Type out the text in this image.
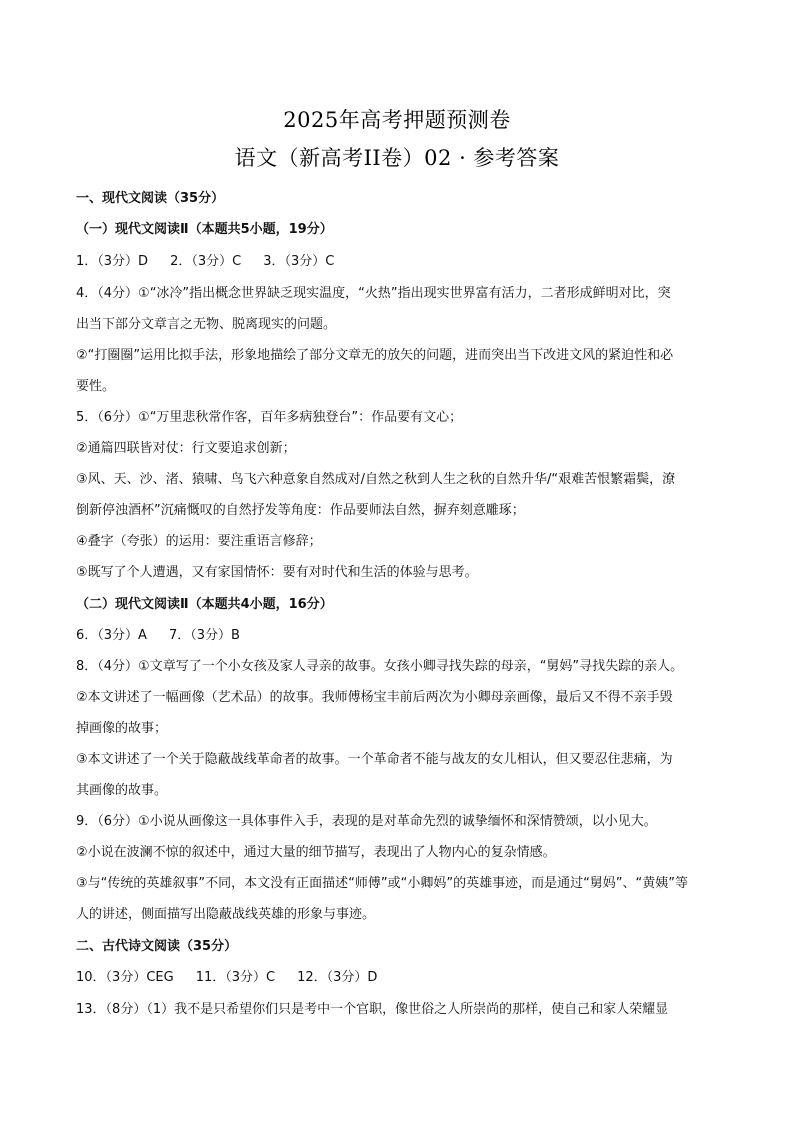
2025年高考押题预测卷
语文（新高考II卷）02 · 参考答案
一、现代文阅读（35分）
（一）现代文阅读Ⅱ（本题共5小题，19分）
1．（3分）D 2．（3分）C 3．（3分）C
4．（4分）①“冰冷”指出概念世界缺乏现实温度，“火热”指出现实世界富有活力，二者形成鲜明对比，突
出当下部分文章言之无物、脱离现实的问题。
②“打圈圈”运用比拟手法，形象地描绘了部分文章无的放矢的问题，进而突出当下改进文风的紧迫性和必
要性。
5．（6分）①“万里悲秋常作客，百年多病独登台”：作品要有文心；
②通篇四联皆对仗：行文要追求创新；
③风、天、沙、渚、猿啸、鸟飞六种意象自然成对/自然之秋到人生之秋的自然升华/“艰难苦恨繁霜鬓，潦
倒新停浊酒杯”沉痛慨叹的自然抒发等角度：作品要师法自然，摒弃刻意雕琢；
④叠字（夸张）的运用：要注重语言修辞；
⑤既写了个人遭遇，又有家国情怀：要有对时代和生活的体验与思考。
（二）现代文阅读Ⅱ（本题共4小题，16分）
6．（3分）A 7．（3分）B
8．（4分）①文章写了一个小女孩及家人寻亲的故事。女孩小卿寻找失踪的母亲，“舅妈”寻找失踪的亲人。
②本文讲述了一幅画像（艺术品）的故事。我师傅杨宝丰前后两次为小卿母亲画像，最后又不得不亲手毁
掉画像的故事；
③本文讲述了一个关于隐蔽战线革命者的故事。一个革命者不能与战友的女儿相认，但又要忍住悲痛，为
其画像的故事。
9．（6分）①小说从画像这一具体事件入手，表现的是对革命先烈的诚挚缅怀和深情赞颂，以小见大。
②小说在波澜不惊的叙述中，通过大量的细节描写，表现出了人物内心的复杂情感。
③与“传统的英雄叙事”不同，本文没有正面描述“师傅”或“小卿妈”的英雄事迹，而是通过“舅妈”、“黄姨”等
人的讲述，侧面描写出隐蔽战线英雄的形象与事迹。
二、古代诗文阅读（35分）
10．（3分）CEG 11．（3分）C 12．（3分）D
13．（8分）（1）我不是只希望你们只是考中一个官职，像世俗之人所崇尚的那样，使自己和家人荣耀显
